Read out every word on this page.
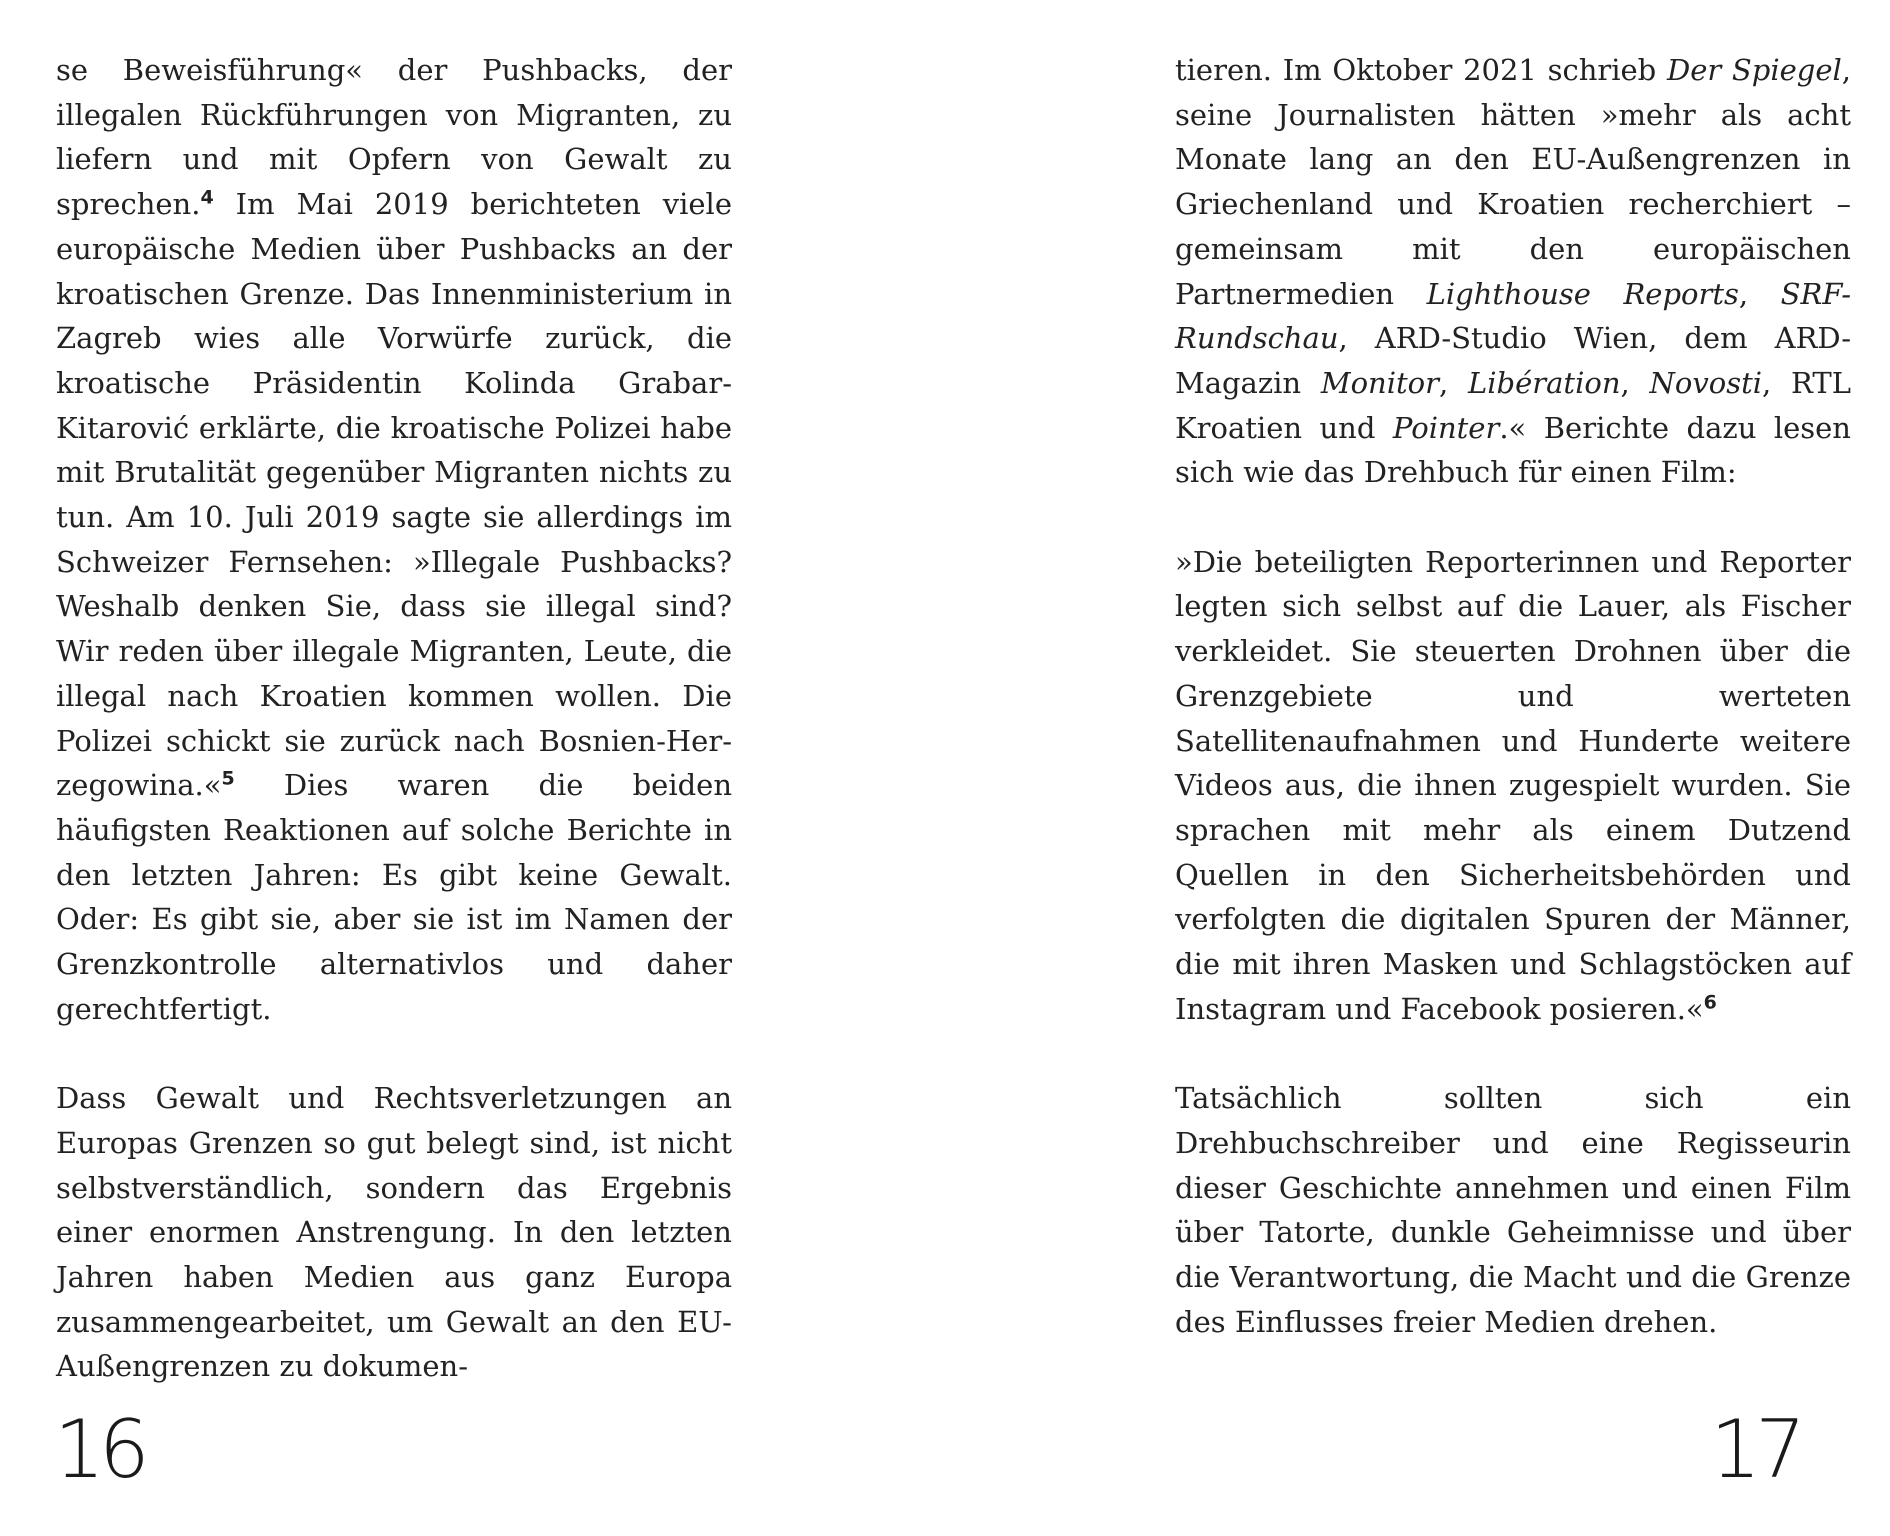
se Beweisführung« der Pushbacks, der illegalen Rückführungen von Migranten, zu liefern und mit Opfern von Gewalt zu sprechen.$^4$ Im Mai 2019 berichteten viele europäische Medien über Pushbacks an der kroatischen Grenze. Das Innenministerium in Zagreb wies alle Vorwürfe zurück, die kroatische Präsidentin Kolinda Grabar-Kitarović erklärte, die kroatische Polizei habe mit Brutalität gegenüber Migranten nichts zu tun. Am 10. Juli 2019 sagte sie allerdings im Schweizer Fernsehen: »Illegale Pushbacks? Weshalb denken Sie, dass sie illegal sind? Wir reden über illegale Migranten, Leute, die illegal nach Kroatien kommen wollen. Die Polizei schickt sie zurück nach Bosnien-Herzegowina.«$^5$ Dies waren die beiden häufigsten Reaktionen auf solche Berichte in den letzten Jahren: Es gibt keine Gewalt. Oder: Es gibt sie, aber sie ist im Namen der Grenzkontrolle alternativlos und daher gerechtfertigt.

Dass Gewalt und Rechtsverletzungen an Europas Grenzen so gut belegt sind, ist nicht selbstverständlich, sondern das Ergebnis einer enormen Anstrengung. In den letzten Jahren haben Medien aus ganz Europa zusammengearbeitet, um Gewalt an den EU-Außengrenzen zu dokumen-

16

tieren. Im Oktober 2021 schrieb Der Spiegel, seine Journalisten hätten »mehr als acht Monate lang an den EU-Außengrenzen in Griechenland und Kroatien recherchiert – gemeinsam mit den europäischen Partnermedien Lighthouse Reports, SRF-Rundschau, ARD-Studio Wien, dem ARD-Magazin Monitor, Libération, Novosti, RTL Kroatien und Pointer.« Berichte dazu lesen sich wie das Drehbuch für einen Film:

»Die beteiligten Reporterinnen und Reporter legten sich selbst auf die Lauer, als Fischer verkleidet. Sie steuerten Drohnen über die Grenzgebiete und werteten Satellitenaufnahmen und Hunderte weitere Videos aus, die ihnen zugespielt wurden. Sie sprachen mit mehr als einem Dutzend Quellen in den Sicherheitsbehörden und verfolgten die digitalen Spuren der Männer, die mit ihren Masken und Schlagstöcken auf Instagram und Facebook posieren.«$^6$

Tatsächlich sollten sich ein Drehbuchschreiber und eine Regisseurin dieser Geschichte annehmen und einen Film über Tatorte, dunkle Geheimnisse und über die Verantwortung, die Macht und die Grenze des Einflusses freier Medien drehen.

17
